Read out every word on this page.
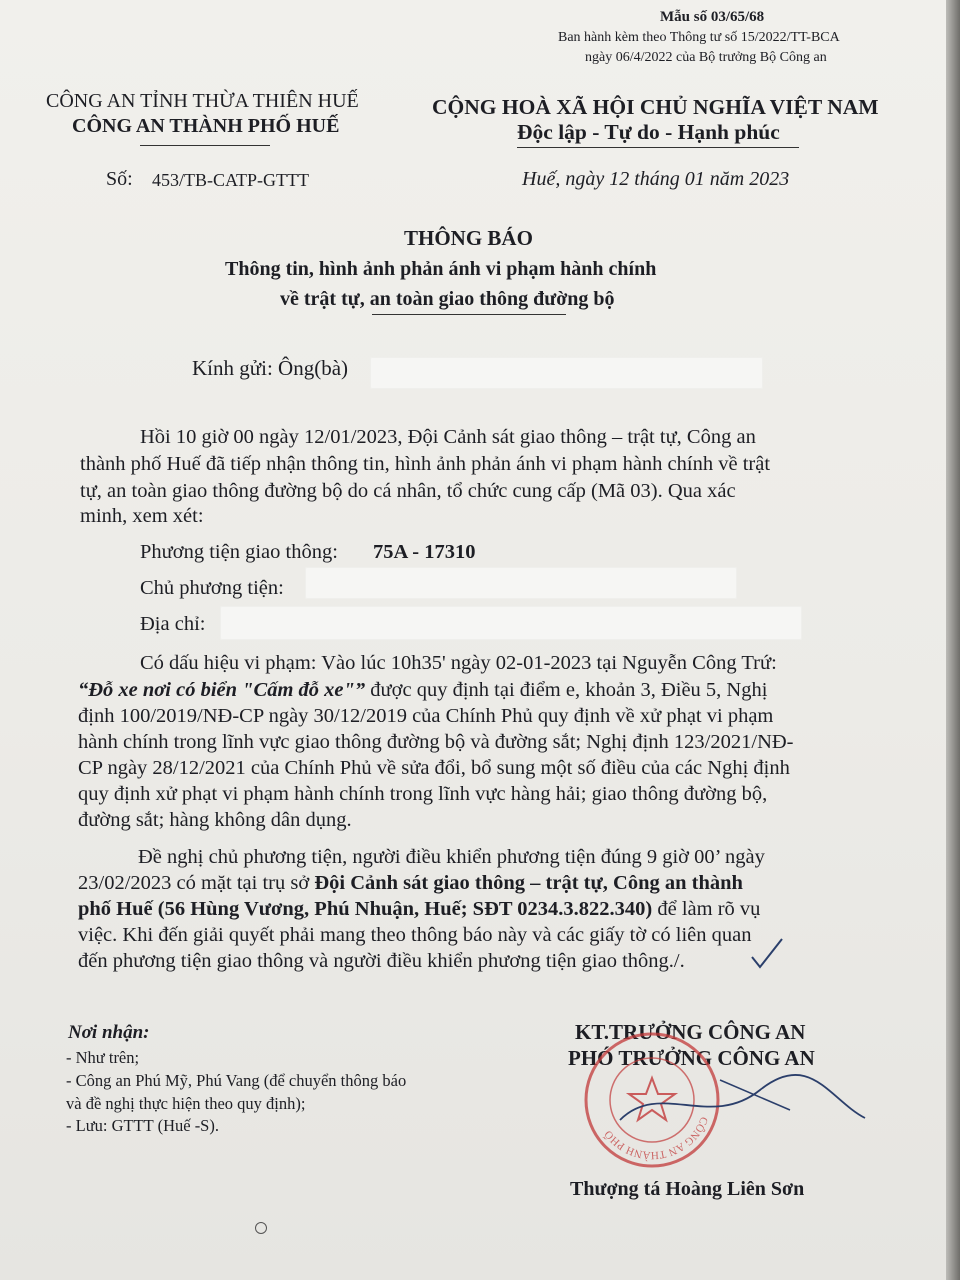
Mẫu số 03/65/68
Ban hành kèm theo Thông tư số 15/2022/TT-BCA
ngày 06/4/2022 của Bộ trưởng Bộ Công an
CÔNG AN TỈNH THỪA THIÊN HUẾ
CÔNG AN THÀNH PHỐ HUẾ
Số: 453/TB-CATP-GTTT
CỘNG HOÀ XÃ HỘI CHỦ NGHĨA VIỆT NAM
Độc lập - Tự do - Hạnh phúc
Huế, ngày 12 tháng 01 năm 2023
THÔNG BÁO
Thông tin, hình ảnh phản ánh vi phạm hành chính
về trật tự, an toàn giao thông đường bộ
Kính gửi: Ông(bà)
Hồi 10 giờ 00 ngày 12/01/2023, Đội Cảnh sát giao thông – trật tự, Công an
thành phố Huế đã tiếp nhận thông tin, hình ảnh phản ánh vi phạm hành chính về trật
tự, an toàn giao thông đường bộ do cá nhân, tổ chức cung cấp (Mã 03). Qua xác
minh, xem xét:
Phương tiện giao thông: 75A - 17310
Chủ phương tiện:
Địa chỉ:
Có dấu hiệu vi phạm: Vào lúc 10h35' ngày 02-01-2023 tại Nguyễn Công Trứ:
“Đỗ xe nơi có biển "Cấm đỗ xe"” được quy định tại điểm e, khoản 3, Điều 5, Nghị
định 100/2019/NĐ-CP ngày 30/12/2019 của Chính Phủ quy định về xử phạt vi phạm
hành chính trong lĩnh vực giao thông đường bộ và đường sắt; Nghị định 123/2021/NĐ-
CP ngày 28/12/2021 của Chính Phủ về sửa đổi, bổ sung một số điều của các Nghị định
quy định xử phạt vi phạm hành chính trong lĩnh vực hàng hải; giao thông đường bộ,
đường sắt; hàng không dân dụng.
Đề nghị chủ phương tiện, người điều khiển phương tiện đúng 9 giờ 00’ ngày
23/02/2023 có mặt tại trụ sở Đội Cảnh sát giao thông – trật tự, Công an thành
phố Huế (56 Hùng Vương, Phú Nhuận, Huế; SĐT 0234.3.822.340) để làm rõ vụ
việc. Khi đến giải quyết phải mang theo thông báo này và các giấy tờ có liên quan
đến phương tiện giao thông và người điều khiển phương tiện giao thông./.
Nơi nhận:
- Như trên;
- Công an Phú Mỹ, Phú Vang (để chuyển thông báo
và đề nghị thực hiện theo quy định);
- Lưu: GTTT (Huế -S).
KT.TRƯỞNG CÔNG AN
PHÓ TRƯỞNG CÔNG AN
CÔNG AN THÀNH PHỐ
Thượng tá Hoàng Liên Sơn
